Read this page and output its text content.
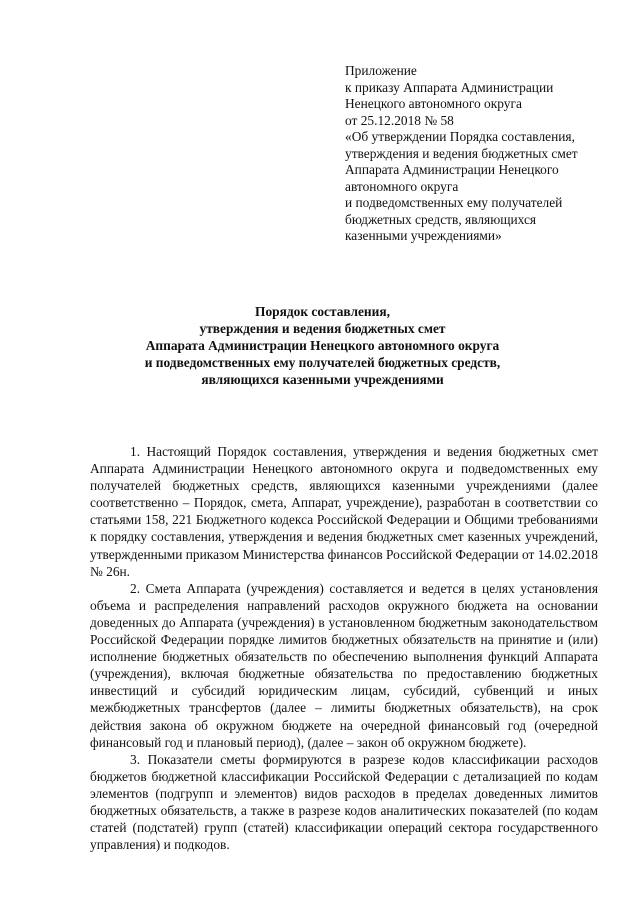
Приложение
к приказу Аппарата Администрации
Ненецкого автономного округа
от 25.12.2018 № 58
«Об утверждении Порядка составления,
утверждения и ведения бюджетных смет
Аппарата Администрации Ненецкого
автономного округа
и подведомственных ему получателей
бюджетных средств, являющихся
казенными учреждениями»
Порядок составления,
утверждения и ведения бюджетных смет
Аппарата Администрации Ненецкого автономного округа
и подведомственных ему получателей бюджетных средств,
являющихся казенными учреждениями

1. Настоящий Порядок составления, утверждения и ведения бюджетных смет Аппарата Администрации Ненецкого автономного округа и подведомственных ему получателей бюджетных средств, являющихся казенными учреждениями (далее соответственно – Порядок, смета, Аппарат, учреждение), разработан в соответствии со статьями 158, 221 Бюджетного кодекса Российской Федерации и Общими требованиями к порядку составления, утверждения и ведения бюджетных смет казенных учреждений, утвержденными приказом Министерства финансов Российской Федерации от 14.02.2018 № 26н.

2. Смета Аппарата (учреждения) составляется и ведется в целях установления объема и распределения направлений расходов окружного бюджета на основании доведенных до Аппарата (учреждения) в установленном бюджетным законодательством Российской Федерации порядке лимитов бюджетных обязательств на принятие и (или) исполнение бюджетных обязательств по обеспечению выполнения функций Аппарата (учреждения), включая бюджетные обязательства по предоставлению бюджетных инвестиций и субсидий юридическим лицам, субсидий, субвенций и иных межбюджетных трансфертов (далее – лимиты бюджетных обязательств), на срок действия закона об окружном бюджете на очередной финансовый год (очередной финансовый год и плановый период), (далее – закон об окружном бюджете).

3. Показатели сметы формируются в разрезе кодов классификации расходов бюджетов бюджетной классификации Российской Федерации с детализацией по кодам элементов (подгрупп и элементов) видов расходов в пределах доведенных лимитов бюджетных обязательств, а также в разрезе кодов аналитических показателей (по кодам статей (подстатей) групп (статей) классификации операций сектора государственного управления) и подкодов.
